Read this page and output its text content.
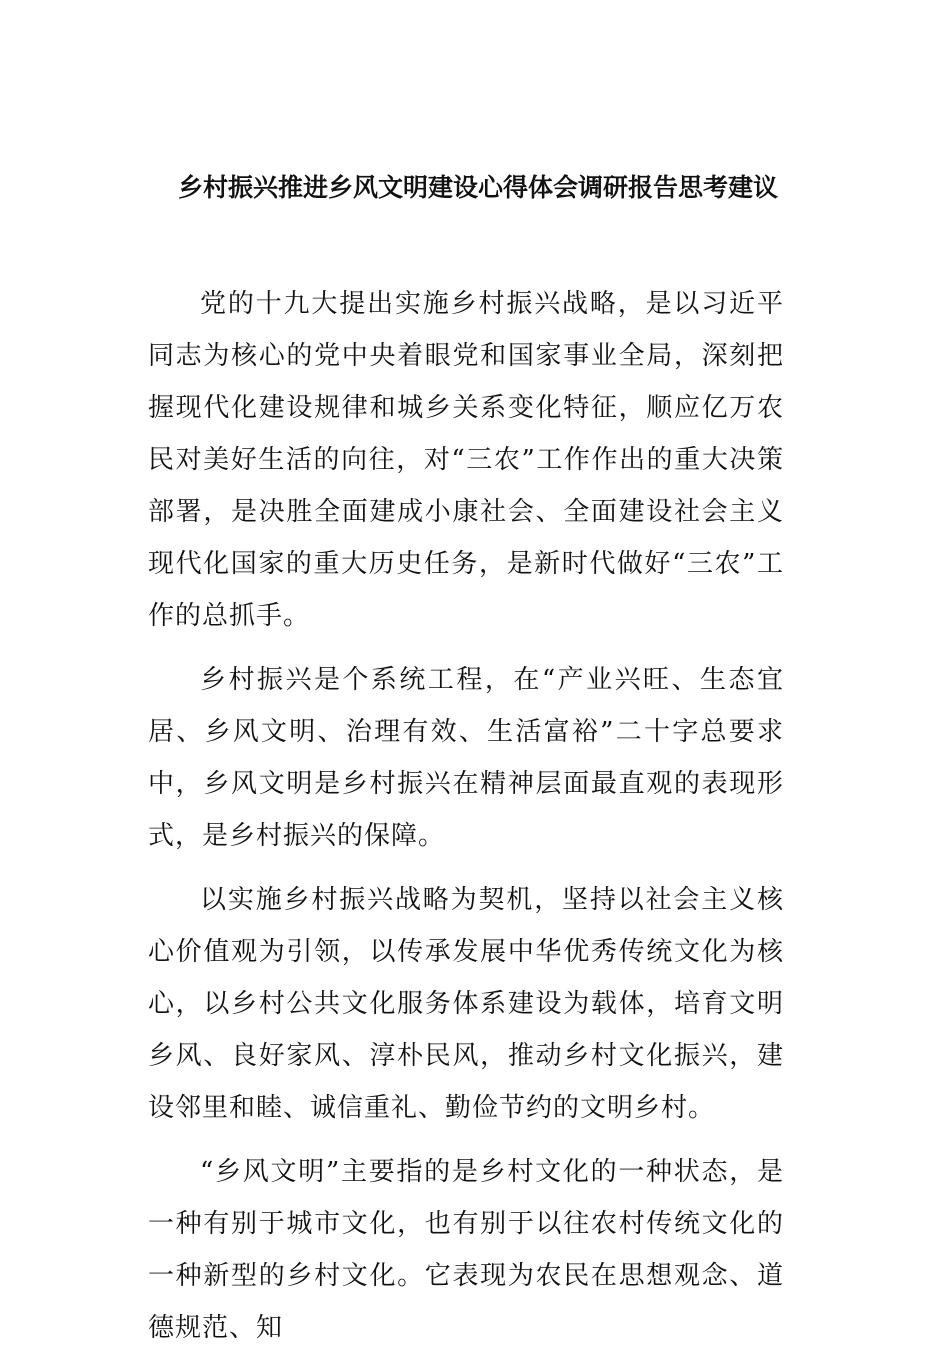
乡村振兴推进乡风文明建设心得体会调研报告思考建议

党的十九大提出实施乡村振兴战略，是以习近平同志为核心的党中央着眼党和国家事业全局，深刻把握现代化建设规律和城乡关系变化特征，顺应亿万农民对美好生活的向往，对“三农”工作作出的重大决策部署，是决胜全面建成小康社会、全面建设社会主义现代化国家的重大历史任务，是新时代做好“三农”工作的总抓手。

乡村振兴是个系统工程，在“产业兴旺、生态宜居、乡风文明、治理有效、生活富裕”二十字总要求中，乡风文明是乡村振兴在精神层面最直观的表现形式，是乡村振兴的保障。

以实施乡村振兴战略为契机，坚持以社会主义核心价值观为引领，以传承发展中华优秀传统文化为核心，以乡村公共文化服务体系建设为载体，培育文明乡风、良好家风、淳朴民风，推动乡村文化振兴，建设邻里和睦、诚信重礼、勤俭节约的文明乡村。

“乡风文明”主要指的是乡村文化的一种状态，是一种有别于城市文化，也有别于以往农村传统文化的一种新型的乡村文化。它表现为农民在思想观念、道德规范、知
